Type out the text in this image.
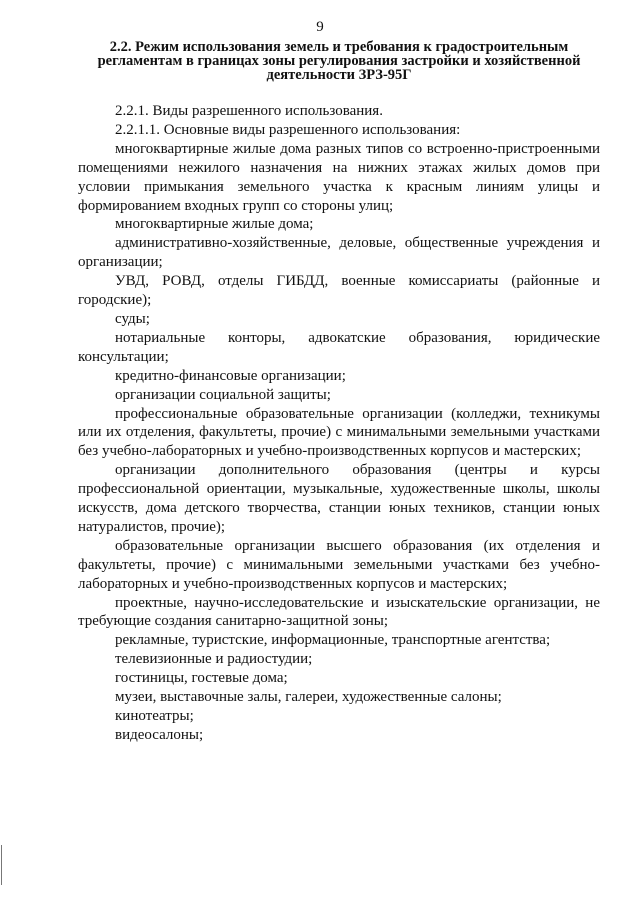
9
2.2. Режим использования земель и требования к градостроительным регламентам в границах зоны регулирования застройки и хозяйственной деятельности ЗРЗ-95Г

2.2.1. Виды разрешенного использования.

2.2.1.1. Основные виды разрешенного использования:

многоквартирные жилые дома разных типов со встроенно-пристроенными помещениями нежилого назначения на нижних этажах жилых домов при условии примыкания земельного участка к красным линиям улицы и формированием входных групп со стороны улиц;

многоквартирные жилые дома;

административно-хозяйственные, деловые, общественные учреждения и организации;

УВД, РОВД, отделы ГИБДД, военные комиссариаты (районные и городские);

суды;

нотариальные конторы, адвокатские образования, юридические консультации;

кредитно-финансовые организации;

организации социальной защиты;

профессиональные образовательные организации (колледжи, техникумы или их отделения, факультеты, прочие) с минимальными земельными участками без учебно-лабораторных и учебно-производственных корпусов и мастерских;

организации дополнительного образования (центры и курсы профессиональной ориентации, музыкальные, художественные школы, школы искусств, дома детского творчества, станции юных техников, станции юных натуралистов, прочие);

образовательные организации высшего образования (их отделения и факультеты, прочие) с минимальными земельными участками без учебно-лабораторных и учебно-производственных корпусов и мастерских;

проектные, научно-исследовательские и изыскательские организации, не требующие создания санитарно-защитной зоны;

рекламные, туристские, информационные, транспортные агентства;

телевизионные и радиостудии;

гостиницы, гостевые дома;

музеи, выставочные залы, галереи, художественные салоны;

кинотеатры;

видеосалоны;
